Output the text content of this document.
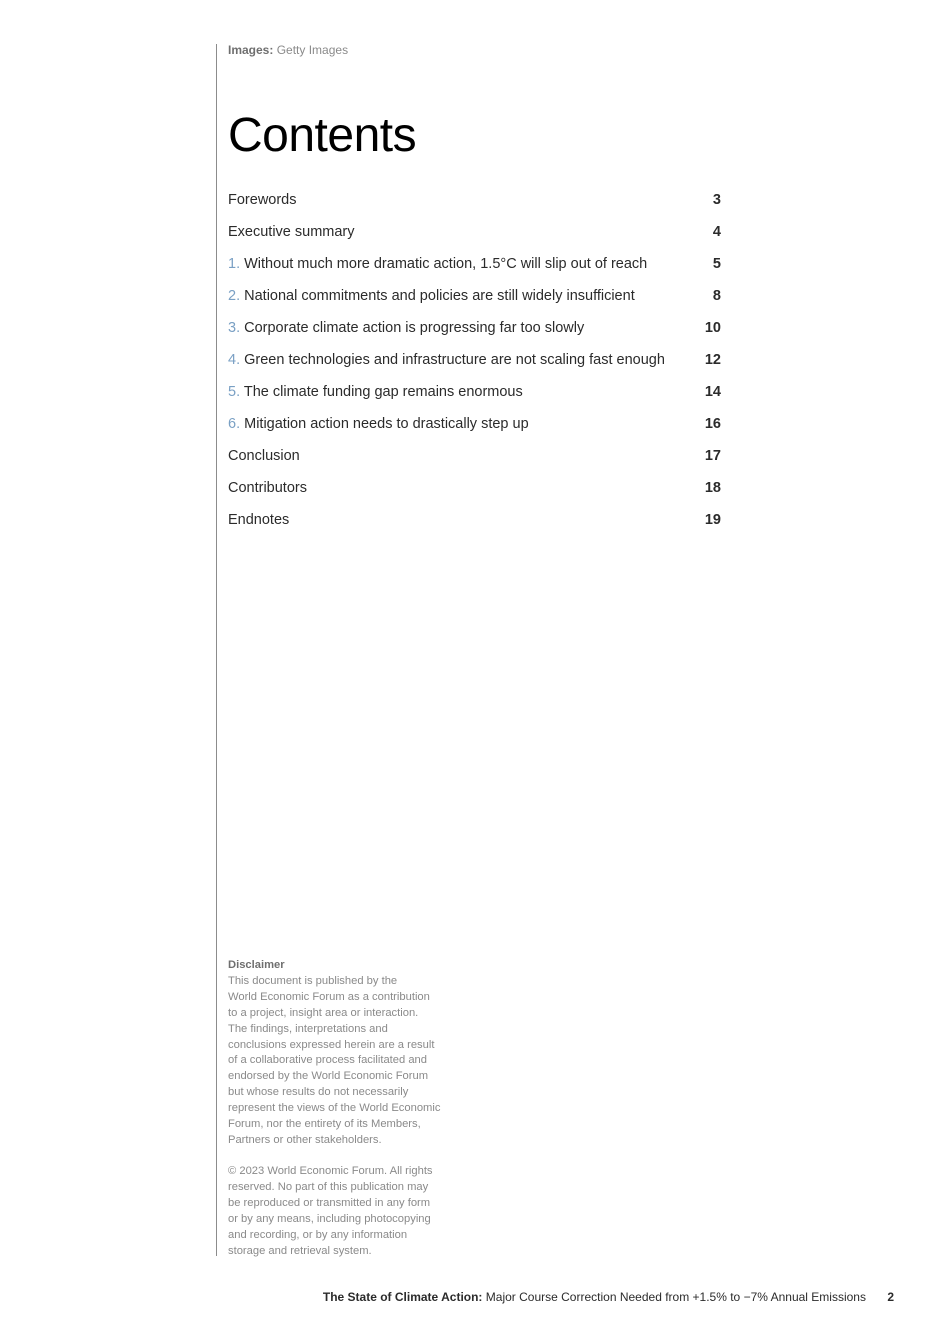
Images: Getty Images
Contents
Forewords	3
Executive summary	4
1. Without much more dramatic action, 1.5°C will slip out of reach	5
2. National commitments and policies are still widely insufficient	8
3. Corporate climate action is progressing far too slowly	10
4. Green technologies and infrastructure are not scaling fast enough	12
5. The climate funding gap remains enormous	14
6. Mitigation action needs to drastically step up	16
Conclusion	17
Contributors	18
Endnotes	19
Disclaimer

This document is published by the
World Economic Forum as a contribution
to a project, insight area or interaction.
The findings, interpretations and
conclusions expressed herein are a result
of a collaborative process facilitated and
endorsed by the World Economic Forum
but whose results do not necessarily
represent the views of the World Economic
Forum, nor the entirety of its Members,
Partners or other stakeholders.

© 2023 World Economic Forum. All rights
reserved. No part of this publication may
be reproduced or transmitted in any form
or by any means, including photocopying
and recording, or by any information
storage and retrieval system.

The State of Climate Action: Major Course Correction Needed from +1.5% to −7% Annual Emissions 2
